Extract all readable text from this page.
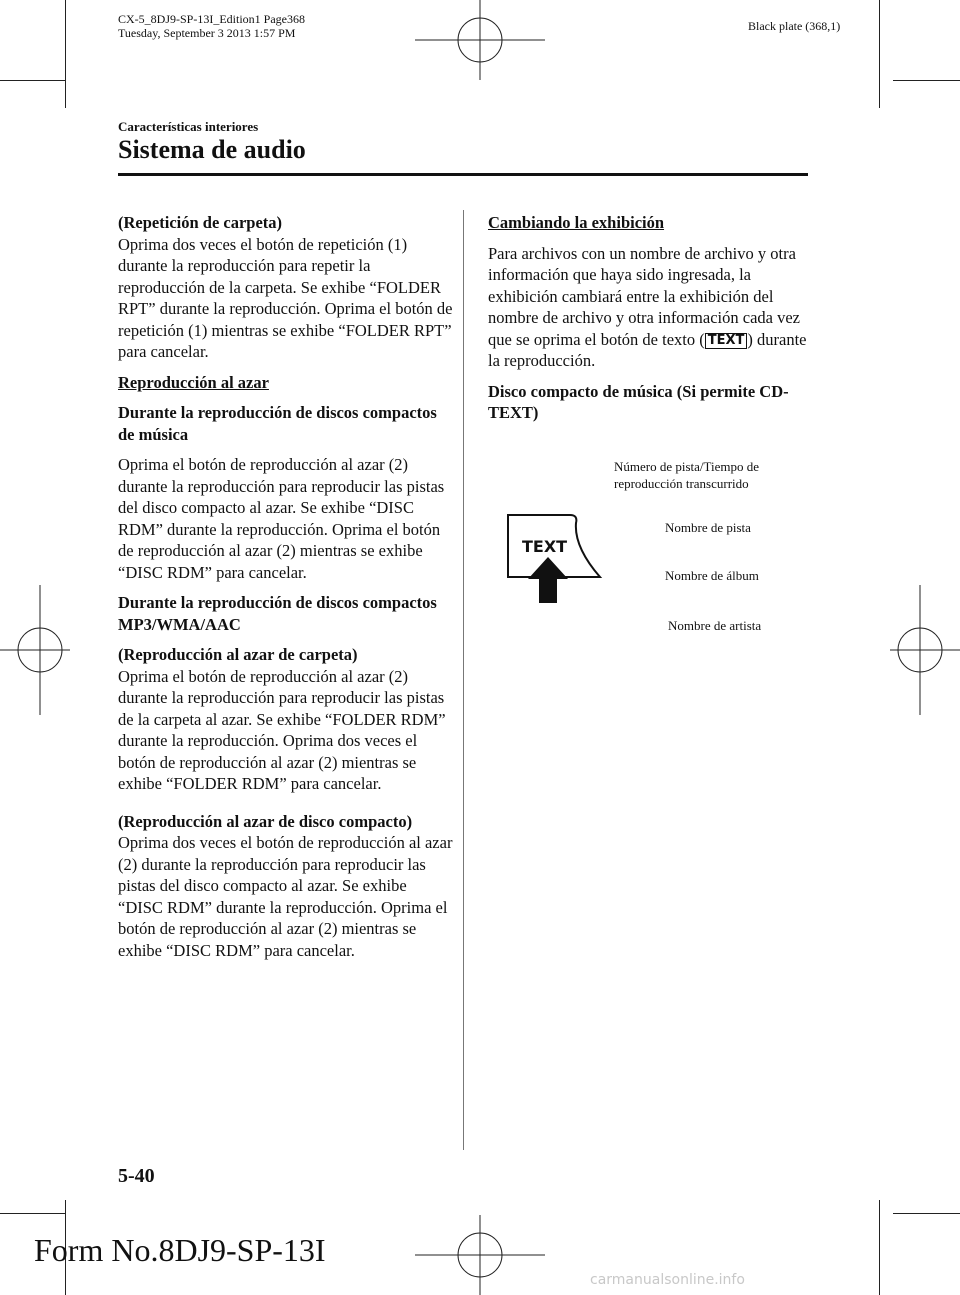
CX-5_8DJ9-SP-13I_Edition1 Page368
Tuesday, September 3 2013 1:57 PM	Black plate (368,1)
Características interiores
Sistema de audio

(Repetición de carpeta)
Oprima dos veces el botón de repetición (1) durante la reproducción para repetir la reproducción de la carpeta. Se exhibe “FOLDER RPT” durante la reproducción. Oprima el botón de repetición (1) mientras se exhibe “FOLDER RPT” para cancelar.

Reproducción al azar

Durante la reproducción de discos compactos de música

Oprima el botón de reproducción al azar (2) durante la reproducción para reproducir las pistas del disco compacto al azar. Se exhibe “DISC RDM” durante la reproducción. Oprima el botón de reproducción al azar (2) mientras se exhibe “DISC RDM” para cancelar.

Durante la reproducción de discos compactos MP3/WMA/AAC

(Reproducción al azar de carpeta)
Oprima el botón de reproducción al azar (2) durante la reproducción para reproducir las pistas de la carpeta al azar. Se exhibe “FOLDER RDM” durante la reproducción. Oprima dos veces el botón de reproducción al azar (2) mientras se exhibe “FOLDER RDM” para cancelar.

(Reproducción al azar de disco compacto)
Oprima dos veces el botón de reproducción al azar (2) durante la reproducción para reproducir las pistas del disco compacto al azar. Se exhibe “DISC RDM” durante la reproducción. Oprima el botón de reproducción al azar (2) mientras se exhibe “DISC RDM” para cancelar.

Cambiando la exhibición

Para archivos con un nombre de archivo y otra información que haya sido ingresada, la exhibición cambiará entre la exhibición del nombre de archivo y otra información cada vez que se oprima el botón de texto ( TEXT ) durante la reproducción.

Disco compacto de música (Si permite CD-TEXT)

TEXT
Número de pista/Tiempo de reproducción transcurrido
Nombre de pista
Nombre de álbum
Nombre de artista
5-40
Form No.8DJ9-SP-13I
carmanualsonline.info
